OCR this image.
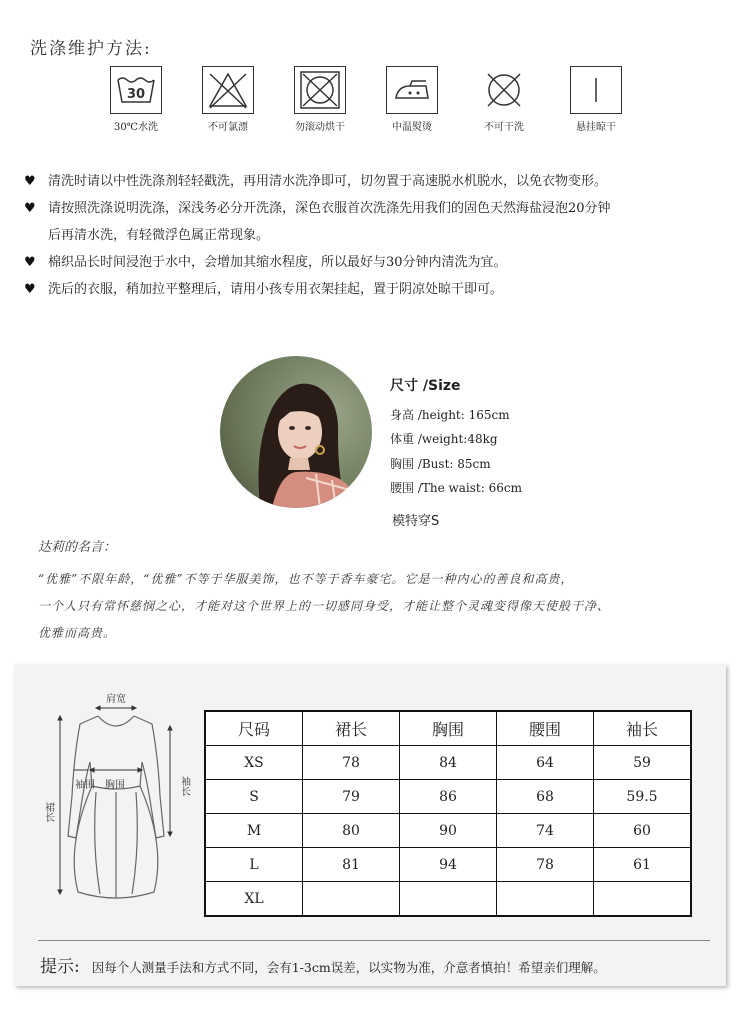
洗涤维护方法:
30
30℃水洗	不可氯漂	勿滚动烘干	中温熨烫	不可干洗	悬挂晾干
♥ 清洗时请以中性洗涤剂轻轻戳洗，再用清水洗净即可，切勿置于高速脱水机脱水，以免衣物变形。
♥ 请按照洗涤说明洗涤，深浅务必分开洗涤，深色衣服首次洗涤先用我们的固色天然海盐浸泡20分钟
后再清水洗，有轻微浮色属正常现象。
♥ 棉织品长时间浸泡于水中，会增加其缩水程度，所以最好与30分钟内清洗为宜。
♥ 洗后的衣服，稍加拉平整理后，请用小孩专用衣架挂起，置于阴凉处晾干即可。
尺寸 /Size
身高 /height: 165cm
体重 /weight:48kg
胸围 /Bust: 85cm
腰围 /The waist: 66cm
模特穿S
达莉的名言：
“优雅”不限年龄，“优雅”不等于华服美饰，也不等于香车豪宅。它是一种内心的善良和高贵，
一个人只有常怀慈悯之心，才能对这个世界上的一切感同身受，才能让整个灵魂变得像天使般干净、
优雅而高贵。
肩宽
袖围 胸围	袖长
裙长
尺码	裙长	胸围	腰围	袖长
XS	78	84	64	59
S	79	86	68	59.5
M	80	90	74	60
L	81	94	78	61
XL				
提示: 因每个人测量手法和方式不同，会有1-3cm误差，以实物为准，介意者慎拍！希望亲们理解。
